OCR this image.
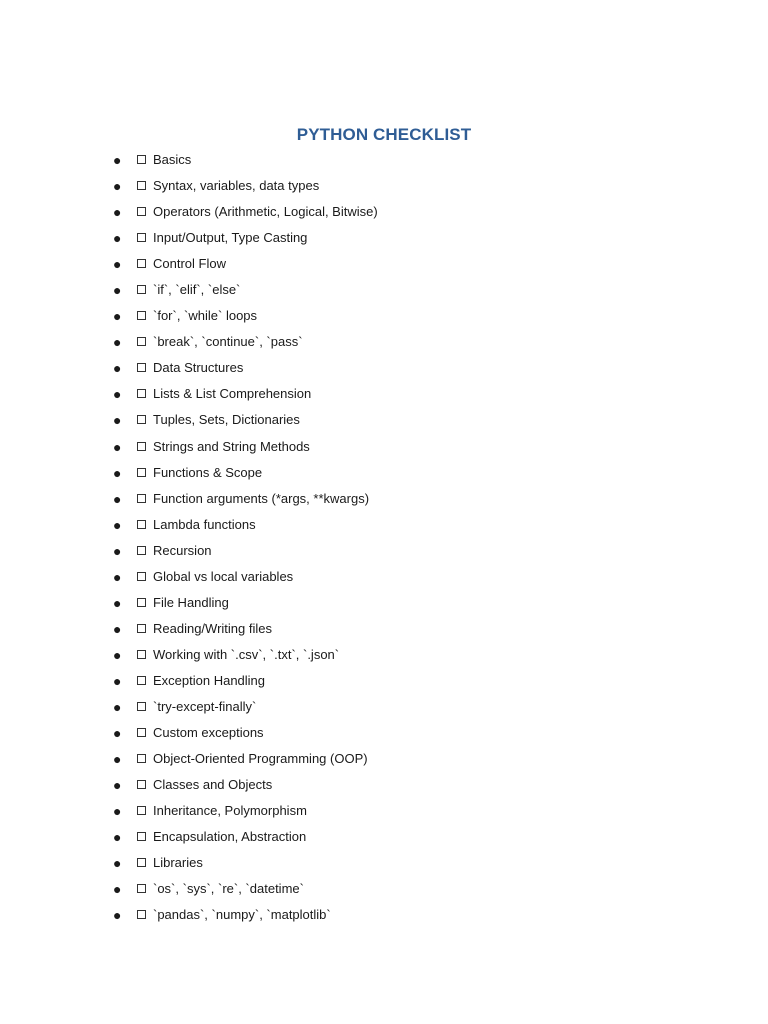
PYTHON CHECKLIST
● Basics
● Syntax, variables, data types
● Operators (Arithmetic, Logical, Bitwise)
● Input/Output, Type Casting
● Control Flow
● `if`, `elif`, `else`
● `for`, `while` loops
● `break`, `continue`, `pass`
● Data Structures
● Lists & List Comprehension
● Tuples, Sets, Dictionaries
● Strings and String Methods
● Functions & Scope
● Function arguments (*args, **kwargs)
● Lambda functions
● Recursion
● Global vs local variables
● File Handling
● Reading/Writing files
● Working with `.csv`, `.txt`, `.json`
● Exception Handling
● `try-except-finally`
● Custom exceptions
● Object-Oriented Programming (OOP)
● Classes and Objects
● Inheritance, Polymorphism
● Encapsulation, Abstraction
● Libraries
● `os`, `sys`, `re`, `datetime`
● `pandas`, `numpy`, `matplotlib`
